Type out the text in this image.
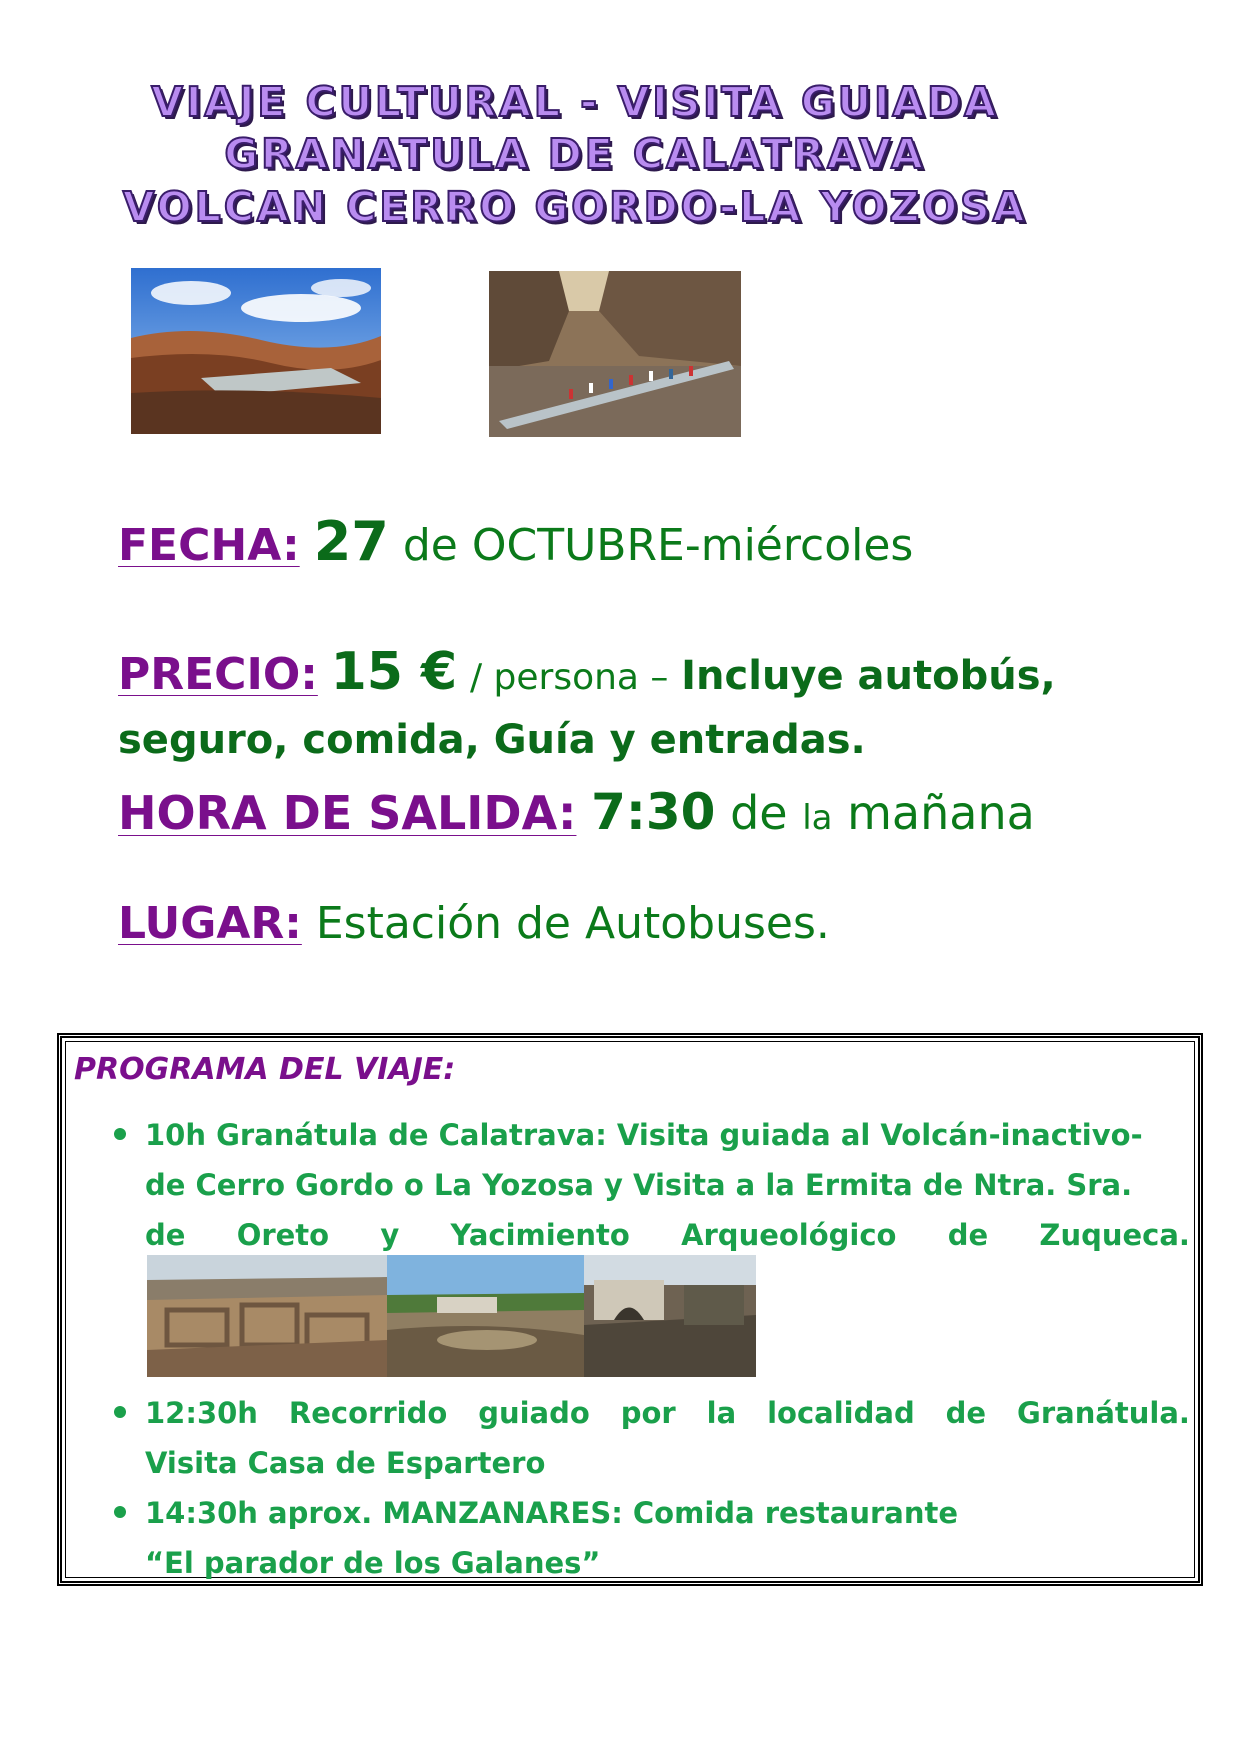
VIAJE CULTURAL - VISITA GUIADA
GRANATULA DE CALATRAVA
VOLCAN CERRO GORDO-LA YOZOSA
FECHA: 27 de OCTUBRE-miércoles
PRECIO: 15 € / persona – Incluye autobús,
seguro, comida, Guía y entradas.
HORA DE SALIDA: 7:30 de la mañana
LUGAR: Estación de Autobuses.
PROGRAMA DEL VIAJE:
10h Granátula de Calatrava: Visita guiada al Volcán-inactivo-
de Cerro Gordo o La Yozosa y Visita a la Ermita de Ntra. Sra.
de Oreto y Yacimiento Arqueológico de Zuqueca.
12:30h Recorrido guiado por la localidad de Granátula.
Visita Casa de Espartero
14:30h aprox. MANZANARES: Comida restaurante
“El parador de los Galanes”
